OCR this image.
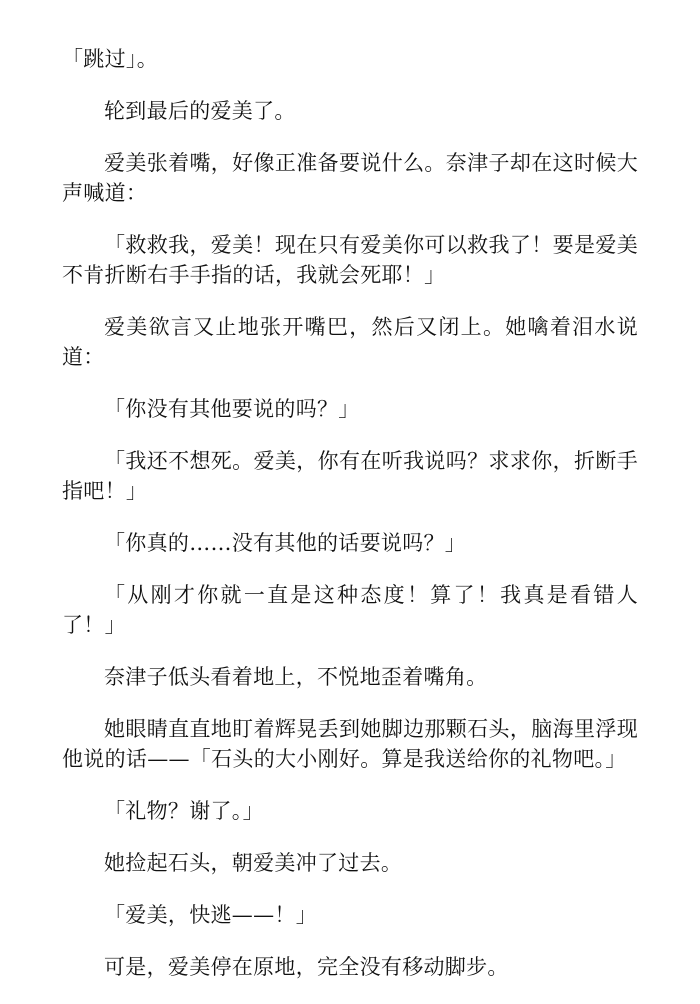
「跳过」。

轮到最后的爱美了。

爱美张着嘴，好像正准备要说什么。奈津子却在这时候大声喊道：

「救救我，爱美！现在只有爱美你可以救我了！要是爱美不肯折断右手手指的话，我就会死耶！」

爱美欲言又止地张开嘴巴，然后又闭上。她噙着泪水说道：

「你没有其他要说的吗？」

「我还不想死。爱美，你有在听我说吗？求求你，折断手指吧！」

「你真的……没有其他的话要说吗？」

「从刚才你就一直是这种态度！算了！我真是看错人了！」

奈津子低头看着地上，不悦地歪着嘴角。

她眼睛直直地盯着辉晃丢到她脚边那颗石头，脑海里浮现他说的话——「石头的大小刚好。算是我送给你的礼物吧。」

「礼物？谢了。」

她捡起石头，朝爱美冲了过去。

「爱美，快逃——！」

可是，爱美停在原地，完全没有移动脚步。
